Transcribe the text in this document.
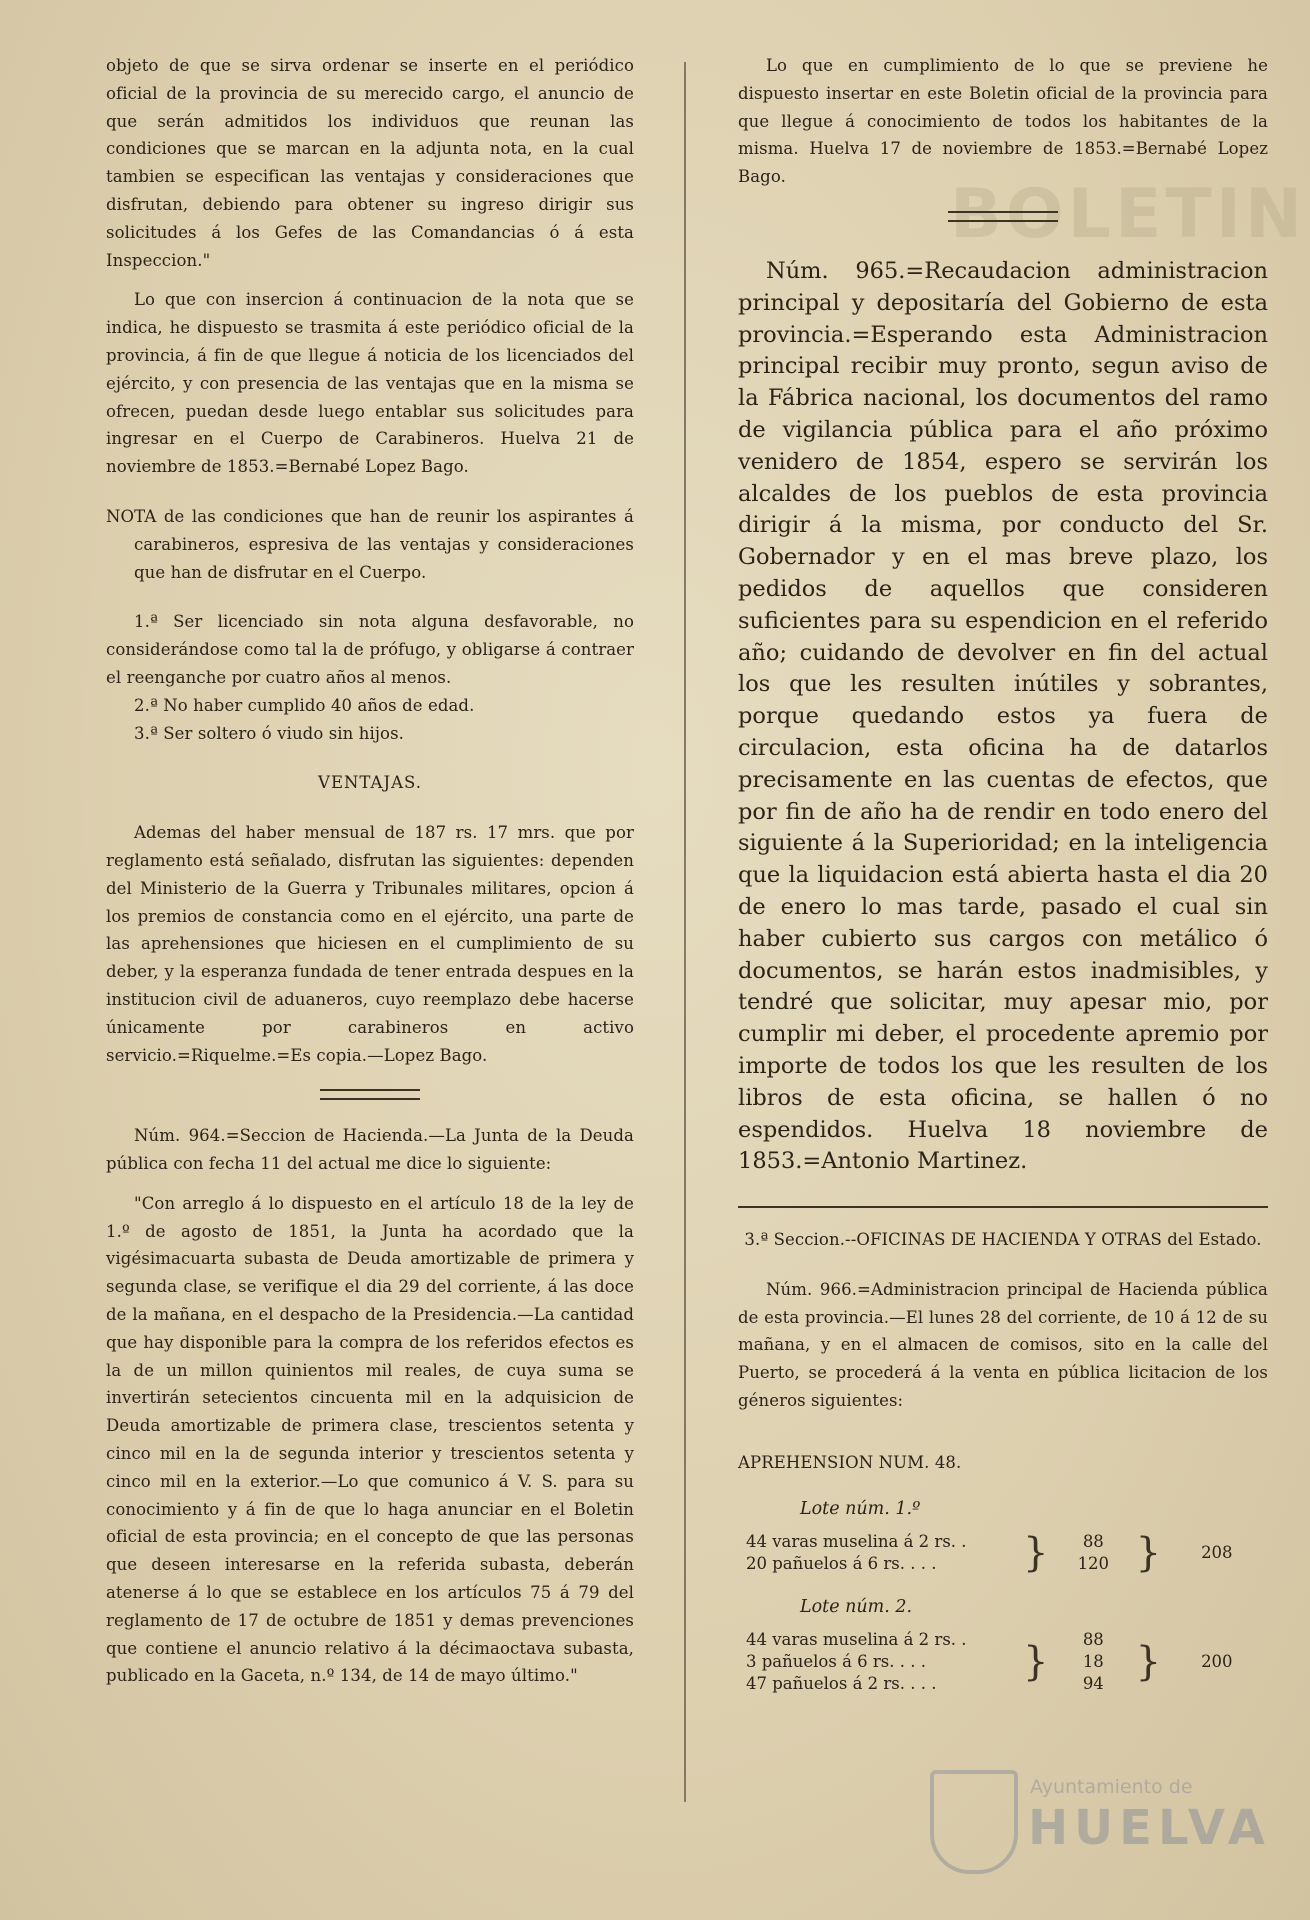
BOLETIN

objeto de que se sirva ordenar se inserte en el periódico oficial de la provincia de su merecido cargo, el anuncio de que serán admitidos los individuos que reunan las condiciones que se marcan en la adjunta nota, en la cual tambien se especifican las ventajas y consideraciones que disfrutan, debiendo para obtener su ingreso dirigir sus solicitudes á los Gefes de las Comandancias ó á esta Inspeccion."

Lo que con insercion á continuacion de la nota que se indica, he dispuesto se trasmita á este periódico oficial de la provincia, á fin de que llegue á noticia de los licenciados del ejército, y con presencia de las ventajas que en la misma se ofrecen, puedan desde luego entablar sus solicitudes para ingresar en el Cuerpo de Carabineros. Huelva 21 de noviembre de 1853.=Bernabé Lopez Bago.

NOTA de las condiciones que han de reunir los aspirantes á carabineros, espresiva de las ventajas y consideraciones que han de disfrutar en el Cuerpo.

1.ª Ser licenciado sin nota alguna desfavorable, no considerándose como tal la de prófugo, y obligarse á contraer el reenganche por cuatro años al menos.

2.ª No haber cumplido 40 años de edad.

3.ª Ser soltero ó viudo sin hijos.

VENTAJAS.

Ademas del haber mensual de 187 rs. 17 mrs. que por reglamento está señalado, disfrutan las siguientes: dependen del Ministerio de la Guerra y Tribunales militares, opcion á los premios de constancia como en el ejército, una parte de las aprehensiones que hiciesen en el cumplimiento de su deber, y la esperanza fundada de tener entrada despues en la institucion civil de aduaneros, cuyo reemplazo debe hacerse únicamente por carabineros en activo servicio.=Riquelme.=Es copia.—Lopez Bago.

Núm. 964.=Seccion de Hacienda.—La Junta de la Deuda pública con fecha 11 del actual me dice lo siguiente:

"Con arreglo á lo dispuesto en el artículo 18 de la ley de 1.º de agosto de 1851, la Junta ha acordado que la vigésimacuarta subasta de Deuda amortizable de primera y segunda clase, se verifique el dia 29 del corriente, á las doce de la mañana, en el despacho de la Presidencia.—La cantidad que hay disponible para la compra de los referidos efectos es la de un millon quinientos mil reales, de cuya suma se invertirán setecientos cincuenta mil en la adquisicion de Deuda amortizable de primera clase, trescientos setenta y cinco mil en la de segunda interior y trescientos setenta y cinco mil en la exterior.—Lo que comunico á V. S. para su conocimiento y á fin de que lo haga anunciar en el Boletin oficial de esta provincia; en el concepto de que las personas que deseen interesarse en la referida subasta, deberán atenerse á lo que se establece en los artículos 75 á 79 del reglamento de 17 de octubre de 1851 y demas prevenciones que contiene el anuncio relativo á la décimaoctava subasta, publicado en la Gaceta, n.º 134, de 14 de mayo último."

Lo que en cumplimiento de lo que se previene he dispuesto insertar en este Boletin oficial de la provincia para que llegue á conocimiento de todos los habitantes de la misma. Huelva 17 de noviembre de 1853.=Bernabé Lopez Bago.

Núm. 965.=Recaudacion administracion principal y depositaría del Gobierno de esta provincia.=Esperando esta Administracion principal recibir muy pronto, segun aviso de la Fábrica nacional, los documentos del ramo de vigilancia pública para el año próximo venidero de 1854, espero se servirán los alcaldes de los pueblos de esta provincia dirigir á la misma, por conducto del Sr. Gobernador y en el mas breve plazo, los pedidos de aquellos que consideren suficientes para su espendicion en el referido año; cuidando de devolver en fin del actual los que les resulten inútiles y sobrantes, porque quedando estos ya fuera de circulacion, esta oficina ha de datarlos precisamente en las cuentas de efectos, que por fin de año ha de rendir en todo enero del siguiente á la Superioridad; en la inteligencia que la liquidacion está abierta hasta el dia 20 de enero lo mas tarde, pasado el cual sin haber cubierto sus cargos con metálico ó documentos, se harán estos inadmisibles, y tendré que solicitar, muy apesar mio, por cumplir mi deber, el procedente apremio por importe de todos los que les resulten de los libros de esta oficina, se hallen ó no espendidos. Huelva 18 noviembre de 1853.=Antonio Martinez.

3.ª Seccion.--OFICINAS DE HACIENDA Y OTRAS del Estado.

Núm. 966.=Administracion principal de Hacienda pública de esta provincia.—El lunes 28 del corriente, de 10 á 12 de su mañana, y en el almacen de comisos, sito en la calle del Puerto, se procederá á la venta en pública licitacion de los géneros siguientes:

APREHENSION NUM. 48.

Lote núm. 1.º
44 varas muselina á 2 rs. .	}	88	}	208
20 pañuelos á 6 rs. . . .		120		
Lote núm. 2.
44 varas muselina á 2 rs. .	}	88	}	200
3 pañuelos á 6 rs. . . .		18		
47 pañuelos á 2 rs. . . .		94		
Ayuntamiento de
HUELVA
